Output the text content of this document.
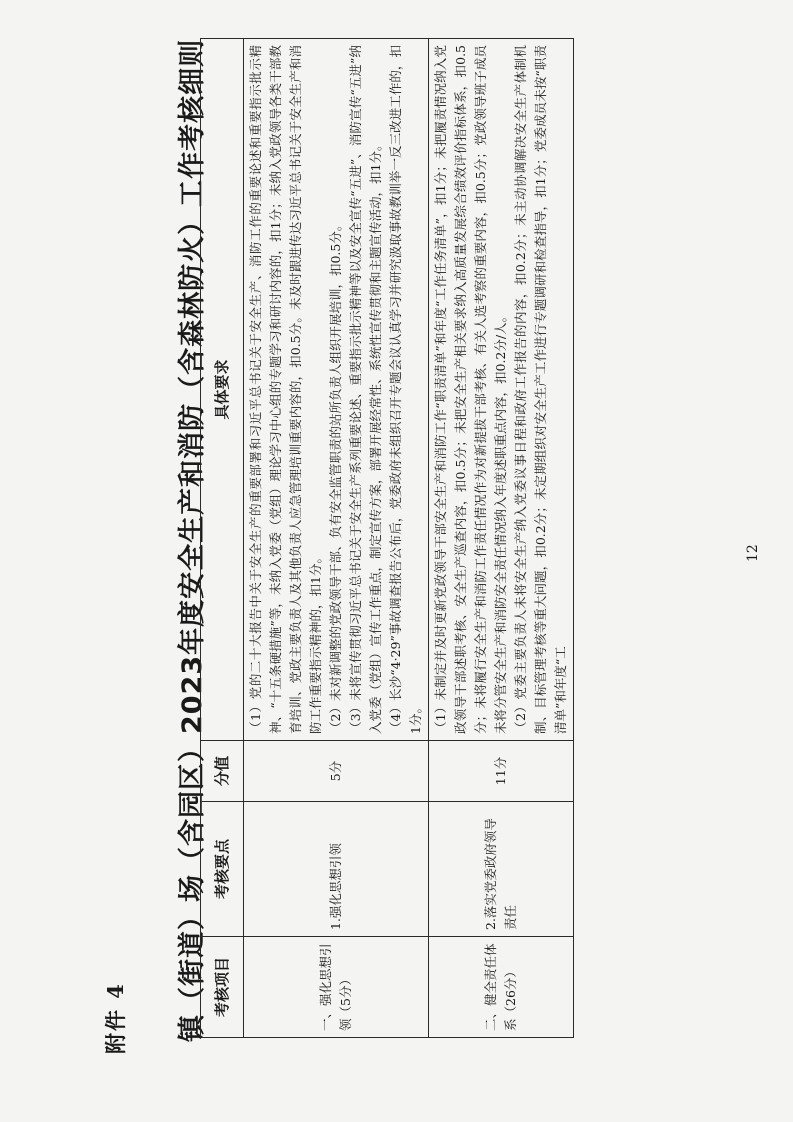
附件 4 镇（街道）场（含园区）2023年度安全生产和消防（含森林防火）工作考核细则 考核项目	考核要点	分值	具体要求
一、强化思想引领（5分）	1.强化思想引领	5分	（1）党的二十大报告中关于安全生产的重要部署和习近平总书记关于安全生产、消防工作的重要论述和重要指示批示精神、“十五条硬措施”等，未纳入党委（党组）理论学习中心组的专题学习和研讨内容的，扣1分；未纳入党政领导各类干部教育培训、党政主要负责人及其他负责人应急管理培训重要内容的，扣0.5分。未及时跟进传达习近平总书记关于安全生产和消防工作重要指示精神的，扣1分。 （2）未对新调整的党政领导干部、负有安全监管职责的站所负责人组织开展培训，扣0.5分。 （3）未将宣传贯彻习近平总书记关于安全生产系列重要论述、重要指示批示精神等以及安全宣传“五进”、消防宣传“五进”纳入党委（党组）宣传工作重点，制定宣传方案，部署开展经常性、系统性宣传贯彻和主题宣传活动，扣1分。 （4）长沙“4·29”事故调查报告公布后，党委政府未组织召开专题会议认真学习并研究汲取事故教训举一反三改进工作的，扣1分。

二、健全责任体系（26分）	2.落实党委政府领导责任	11分	（1）未制定并及时更新党政领导干部安全生产和消防工作“职责清单”和年度“工作任务清单”，扣1分；未把履责情况纳入党政领导干部述职考核、安全生产巡查内容，扣0.5分；未把安全生产相关要求纳入高质量发展综合绩效评价指标体系，扣0.5分；未将履行安全生产和消防工作责任情况作为对新提拔干部考核、有关人选考察的重要内容，扣0.5分；党政领导班子成员未将分管安全生产和消防安全责任情况纳入年度述职重点内容，扣0.2分/人。 （2）党委主要负责人未将安全生产纳入党委议事日程和政府工作报告的内容，扣0.2分；未主动协调解决安全生产体制机制、目标管理考核等重大问题，扣0.2分；未定期组织对安全生产工作进行专题调研和检查指导，扣1分；党委成员未按“职责清单”和年度“工

12
